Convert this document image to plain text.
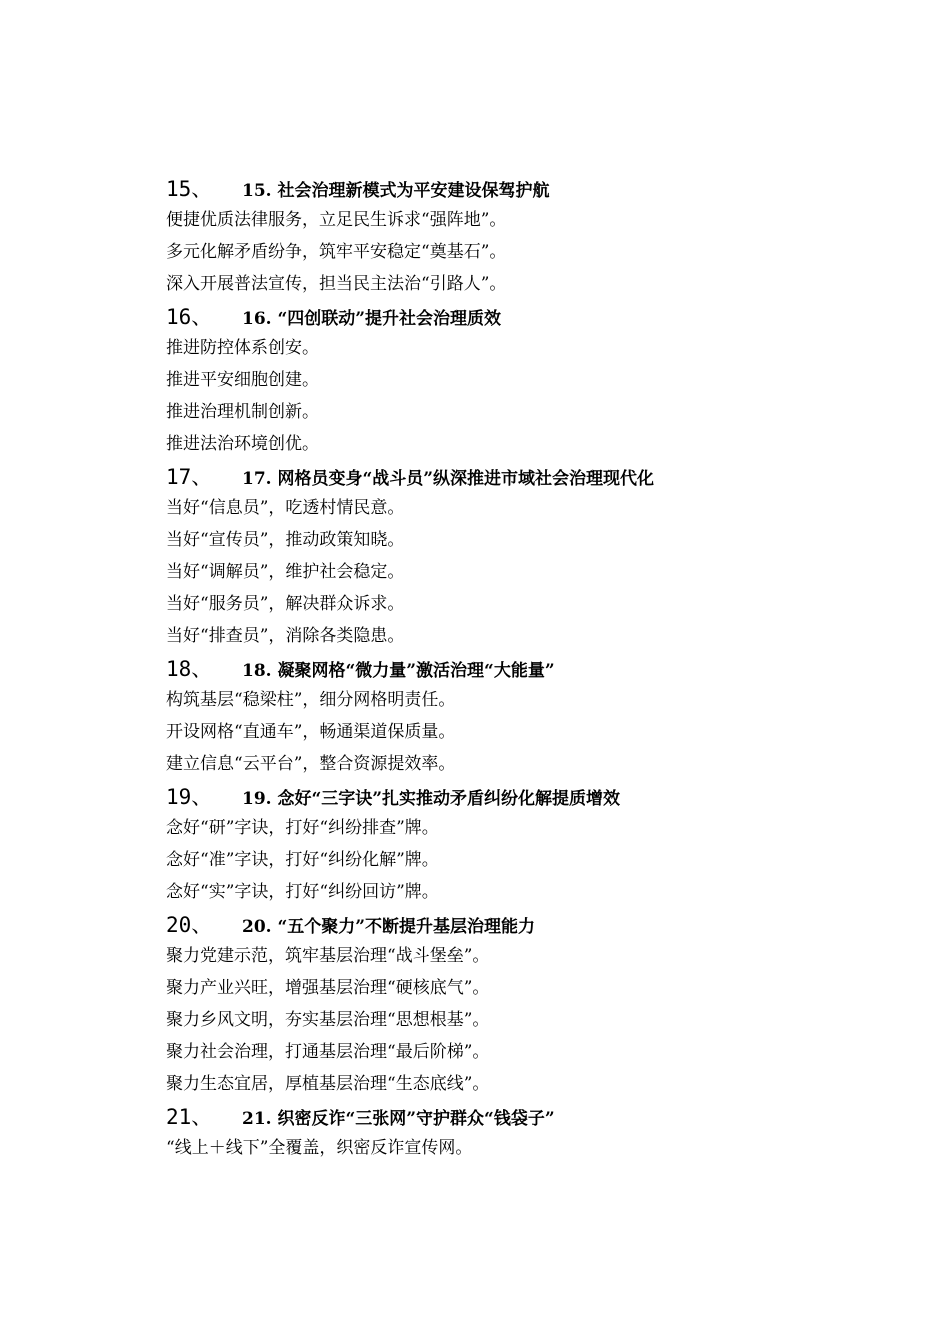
15、	15. 社会治理新模式为平安建设保驾护航

便捷优质法律服务，立足民生诉求“强阵地”。

多元化解矛盾纷争，筑牢平安稳定“奠基石”。

深入开展普法宣传，担当民主法治“引路人”。

16、	16. “四创联动”提升社会治理质效

推进防控体系创安。

推进平安细胞创建。

推进治理机制创新。

推进法治环境创优。

17、	17. 网格员变身“战斗员”纵深推进市域社会治理现代化

当好“信息员”，吃透村情民意。

当好“宣传员”，推动政策知晓。

当好“调解员”，维护社会稳定。

当好“服务员”，解决群众诉求。

当好“排查员”，消除各类隐患。

18、	18. 凝聚网格“微力量”激活治理“大能量”

构筑基层“稳梁柱”，细分网格明责任。

开设网格“直通车”，畅通渠道保质量。

建立信息“云平台”，整合资源提效率。

19、	19. 念好“三字诀”扎实推动矛盾纠纷化解提质增效

念好“研”字诀，打好“纠纷排查”牌。

念好“准”字诀，打好“纠纷化解”牌。

念好“实”字诀，打好“纠纷回访”牌。

20、	20. “五个聚力”不断提升基层治理能力

聚力党建示范，筑牢基层治理“战斗堡垒”。

聚力产业兴旺，增强基层治理“硬核底气”。

聚力乡风文明，夯实基层治理“思想根基”。

聚力社会治理，打通基层治理“最后阶梯”。

聚力生态宜居，厚植基层治理“生态底线”。

21、	21. 织密反诈“三张网”守护群众“钱袋子”

“线上＋线下”全覆盖，织密反诈宣传网。
